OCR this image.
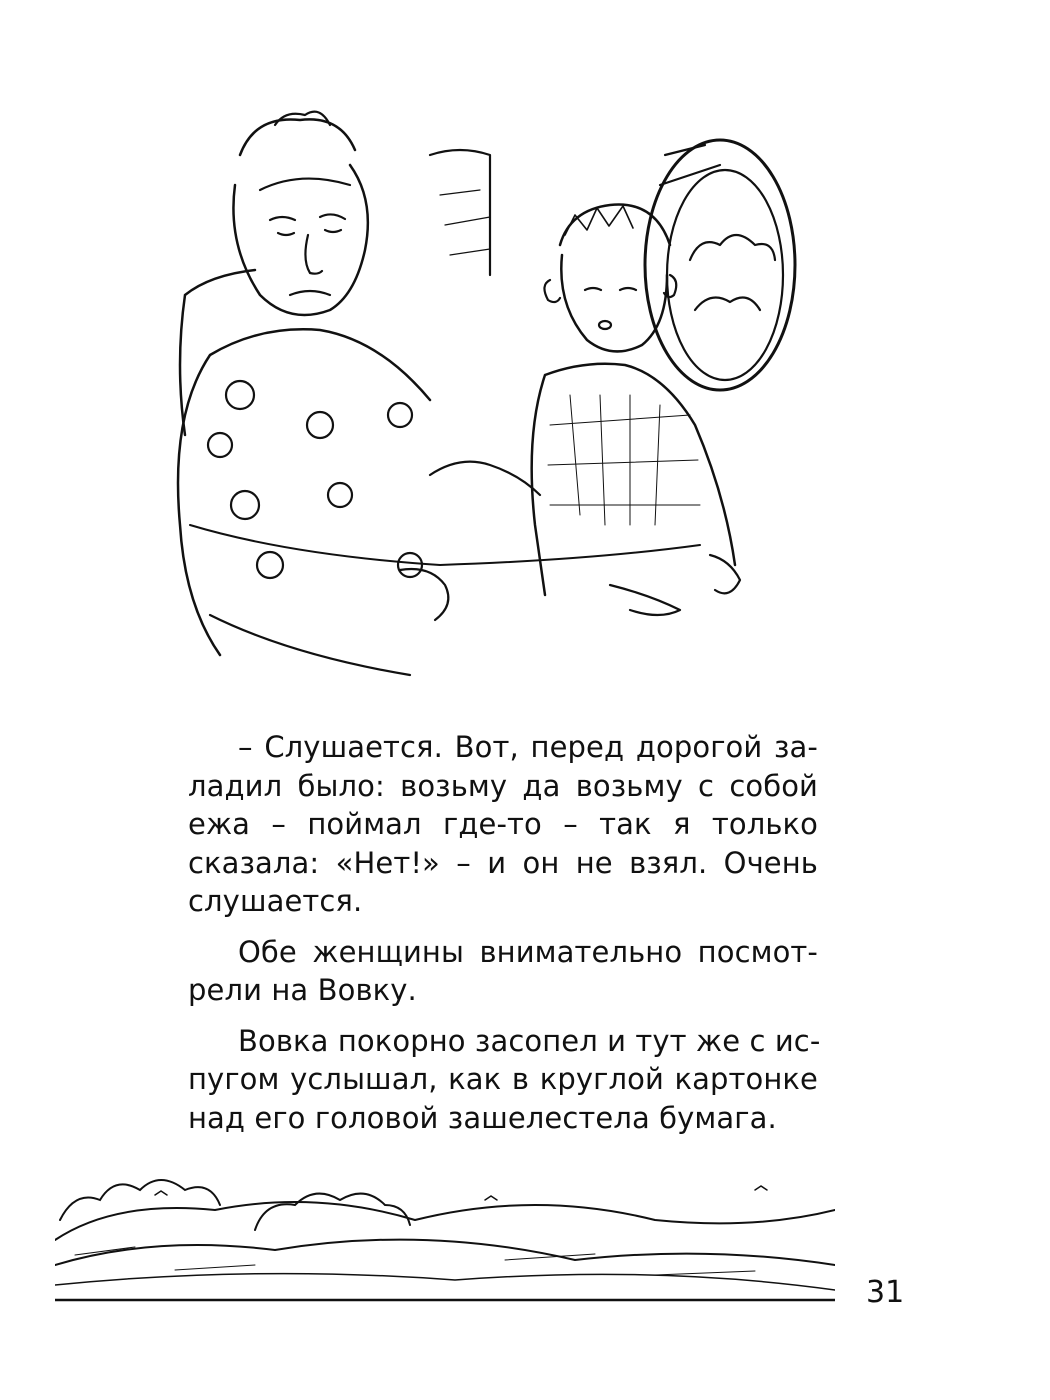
– Слушается. Вот, перед дорогой за-
ладил было: возьму да возьму с собой
ежа – поймал где-то – так я только
сказала: «Нет!» – и он не взял. Очень
слушается.
Обе женщины внимательно посмот-
рели на Вовку.
Вовка покорно засопел и тут же с ис-
пугом услышал, как в круглой картонке
над его головой зашелестела бумага.
31
